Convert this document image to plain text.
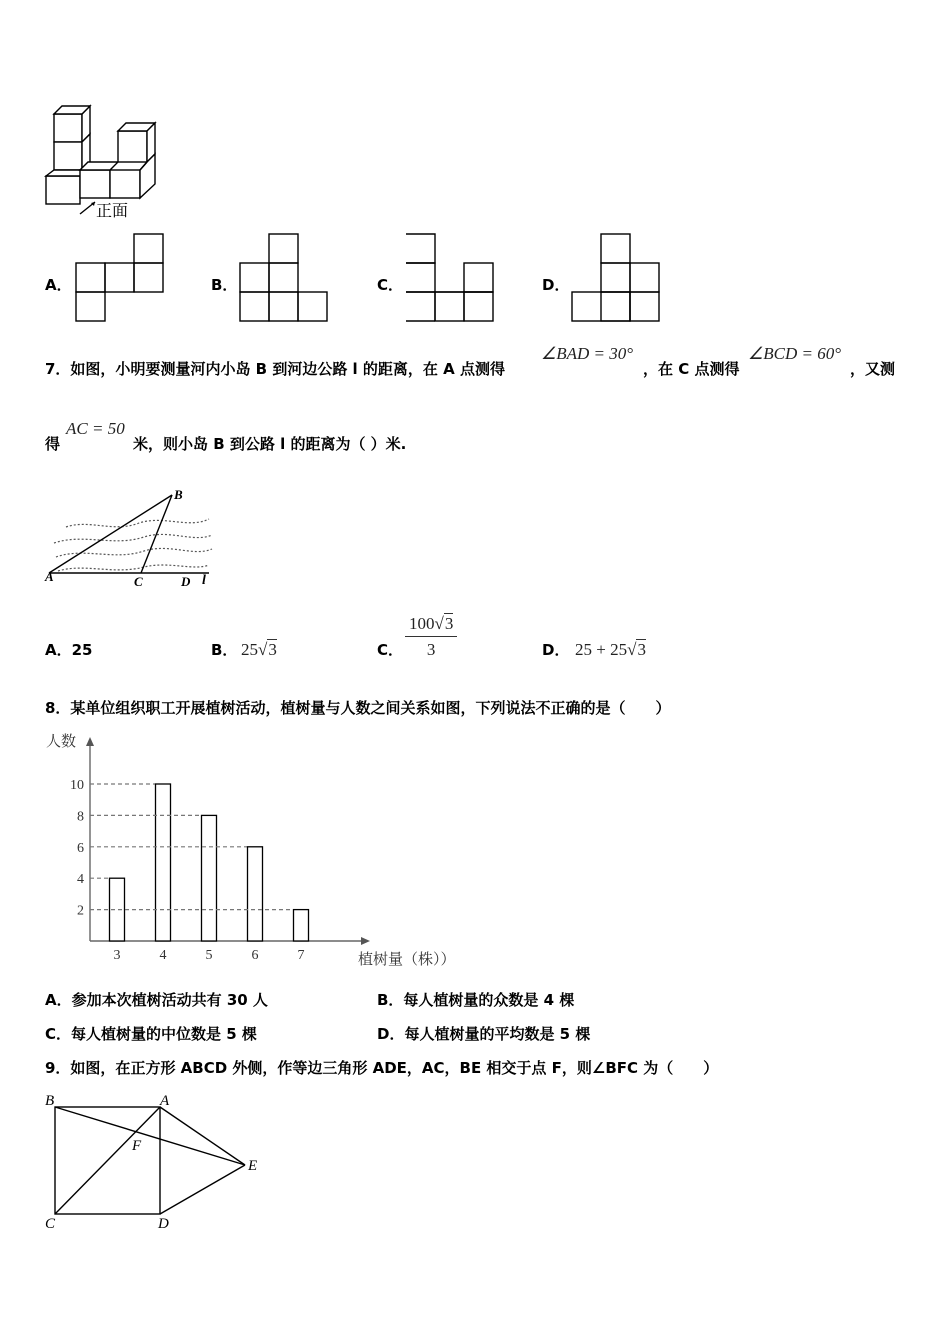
正面
A．	B．	C．	D．
7．如图，小明要测量河内小岛 B 到河边公路 l 的距离，在 A 点测得
∠BAD = 30°
，在 C 点测得
∠BCD = 60°
，又测
得
AC = 50
米，则小岛 B 到公路 l 的距离为（ ）米.
B
A	C	D l
A．25	B． 25√3	C． $\frac{100√3}{3}$	D． 25 + 25√3
8．某单位组织职工开展植树活动，植树量与人数之间关系如图，下列说法不正确的是（　　）
人数
植树量（株））
2
4
6
8
10
3	4	5	6	7
A．参加本次植树活动共有 30 人	B．每人植树量的众数是 4 棵
C．每人植树量的中位数是 5 棵	D．每人植树量的平均数是 5 棵
9．如图，在正方形 ABCD 外侧，作等边三角形 ADE，AC，BE 相交于点 F，则∠BFC 为（　　）
B	A
F
E
C	D
